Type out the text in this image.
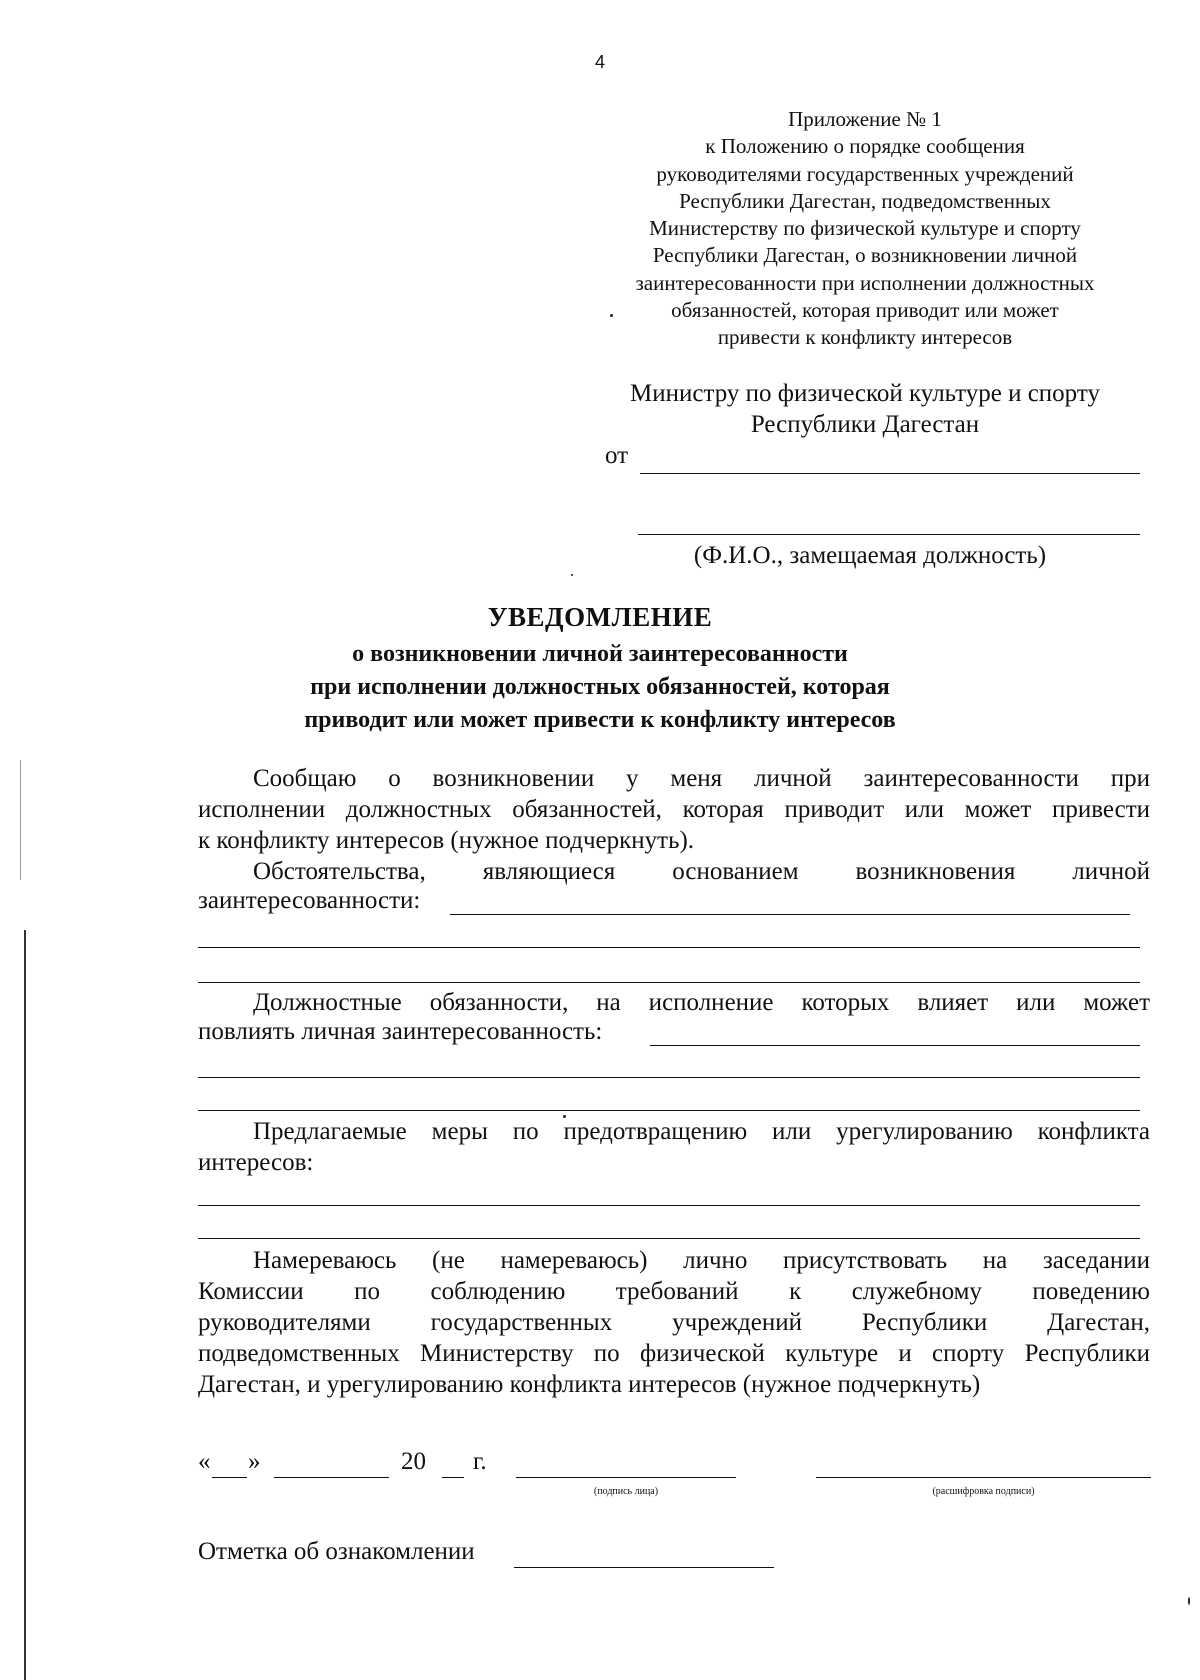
4
Приложение № 1
к Положению о порядке сообщения
руководителями государственных учреждений
Республики Дагестан, подведомственных
Министерству по физической культуре и спорту
Республики Дагестан, о возникновении личной
заинтересованности при исполнении должностных
обязанностей, которая приводит или может
привести к конфликту интересов
Министру по физической культуре и спорту
Республики Дагестан
от
(Ф.И.О., замещаемая должность)
УВЕДОМЛЕНИЕ
о возникновении личной заинтересованности
при исполнении должностных обязанностей, которая
приводит или может привести к конфликту интересов
Сообщаю о возникновении у меня личной заинтересованности при
исполнении должностных обязанностей, которая приводит или может привести
к конфликту интересов (нужное подчеркнуть).
Обстоятельства, являющиеся основанием возникновения личной
заинтересованности:
Должностные обязанности, на исполнение которых влияет или может
повлиять личная заинтересованность:
Предлагаемые меры по предотвращению или урегулированию конфликта
интересов:
Намереваюсь (не намереваюсь) лично присутствовать на заседании
Комиссии по соблюдению требований к служебному поведению
руководителями государственных учреждений Республики Дагестан,
подведомственных Министерству по физической культуре и спорту Республики
Дагестан, и урегулированию конфликта интересов (нужное подчеркнуть)
« »	20 г.
(подпись лица)	(расшифровка подписи)
Отметка об ознакомлении
